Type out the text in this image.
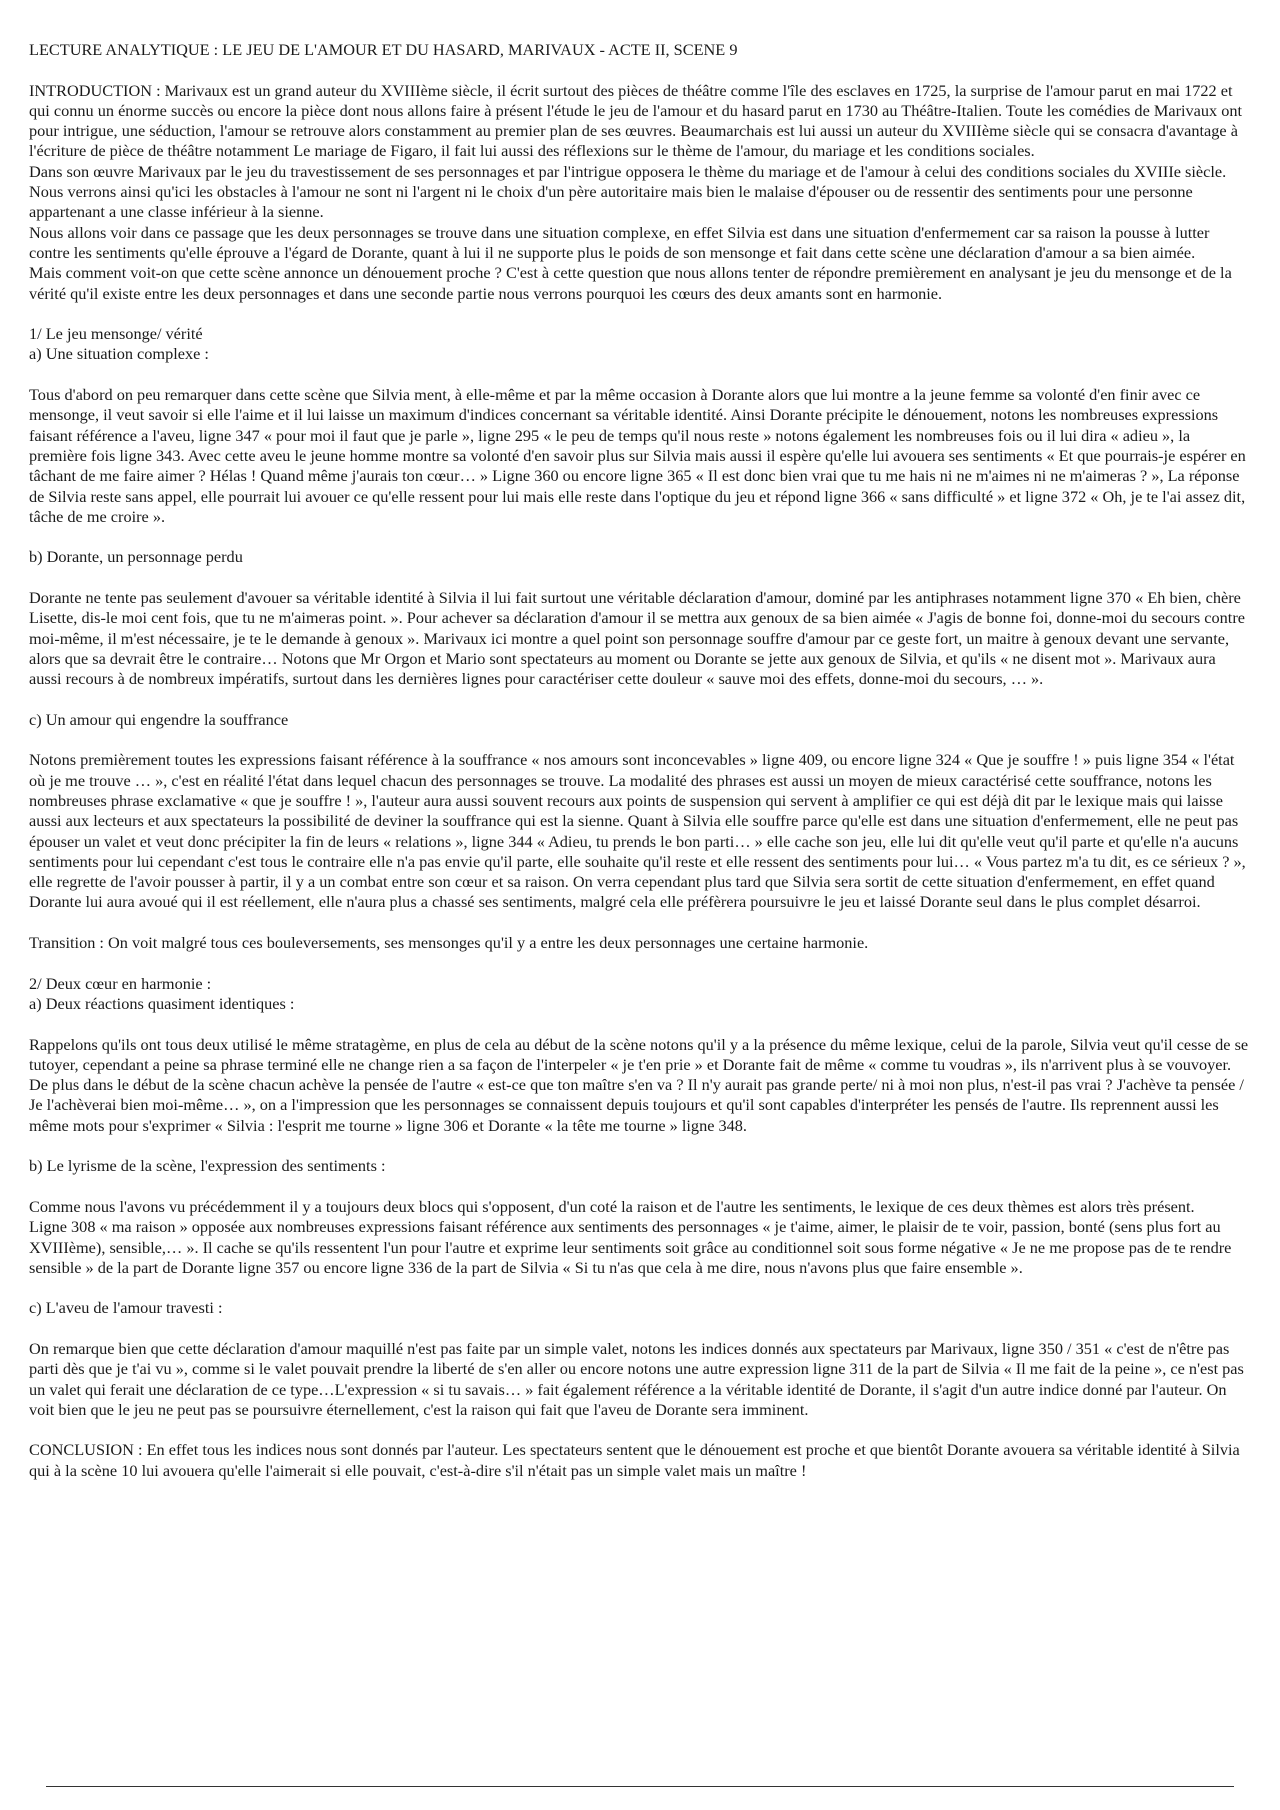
LECTURE ANALYTIQUE : LE JEU DE L'AMOUR ET DU HASARD, MARIVAUX - ACTE II, SCENE 9

INTRODUCTION : Marivaux est un grand auteur du XVIIIème siècle, il écrit surtout des pièces de théâtre comme l'île des esclaves en 1725, la surprise de l'amour parut en mai 1722 et qui connu un énorme succès ou encore la pièce dont nous allons faire à présent l'étude le jeu de l'amour et du hasard parut en 1730 au Théâtre-Italien. Toute les comédies de Marivaux ont pour intrigue, une séduction, l'amour se retrouve alors constamment au premier plan de ses œuvres. Beaumarchais est lui aussi un auteur du XVIIIème siècle qui se consacra d'avantage à l'écriture de pièce de théâtre notamment Le mariage de Figaro, il fait lui aussi des réflexions sur le thème de l'amour, du mariage et les conditions sociales.

Dans son œuvre Marivaux par le jeu du travestissement de ses personnages et par l'intrigue opposera le thème du mariage et de l'amour à celui des conditions sociales du XVIIIe siècle. Nous verrons ainsi qu'ici les obstacles à l'amour ne sont ni l'argent ni le choix d'un père autoritaire mais bien le malaise d'épouser ou de ressentir des sentiments pour une personne appartenant a une classe inférieur à la sienne.

Nous allons voir dans ce passage que les deux personnages se trouve dans une situation complexe, en effet Silvia est dans une situation d'enfermement car sa raison la pousse à lutter contre les sentiments qu'elle éprouve a l'égard de Dorante, quant à lui il ne supporte plus le poids de son mensonge et fait dans cette scène une déclaration d'amour a sa bien aimée.

Mais comment voit-on que cette scène annonce un dénouement proche ? C'est à cette question que nous allons tenter de répondre premièrement en analysant je jeu du mensonge et de la vérité qu'il existe entre les deux personnages et dans une seconde partie nous verrons pourquoi les cœurs des deux amants sont en harmonie.

1/ Le jeu mensonge/ vérité

a) Une situation complexe :

Tous d'abord on peu remarquer dans cette scène que Silvia ment, à elle-même et par la même occasion à Dorante alors que lui montre a la jeune femme sa volonté d'en finir avec ce mensonge, il veut savoir si elle l'aime et il lui laisse un maximum d'indices concernant sa véritable identité. Ainsi Dorante précipite le dénouement, notons les nombreuses expressions faisant référence a l'aveu, ligne 347 « pour moi il faut que je parle », ligne 295 « le peu de temps qu'il nous reste » notons également les nombreuses fois ou il lui dira « adieu », la première fois ligne 343. Avec cette aveu le jeune homme montre sa volonté d'en savoir plus sur Silvia mais aussi il espère qu'elle lui avouera ses sentiments « Et que pourrais-je espérer en tâchant de me faire aimer ? Hélas ! Quand même j'aurais ton cœur… » Ligne 360 ou encore ligne 365 « Il est donc bien vrai que tu me hais ni ne m'aimes ni ne m'aimeras ? », La réponse de Silvia reste sans appel, elle pourrait lui avouer ce qu'elle ressent pour lui mais elle reste dans l'optique du jeu et répond ligne 366 « sans difficulté » et ligne 372 « Oh, je te l'ai assez dit, tâche de me croire ».

b) Dorante, un personnage perdu

Dorante ne tente pas seulement d'avouer sa véritable identité à Silvia il lui fait surtout une véritable déclaration d'amour, dominé par les antiphrases notamment ligne 370 « Eh bien, chère Lisette, dis-le moi cent fois, que tu ne m'aimeras point. ». Pour achever sa déclaration d'amour il se mettra aux genoux de sa bien aimée « J'agis de bonne foi, donne-moi du secours contre moi-même, il m'est nécessaire, je te le demande à genoux ». Marivaux ici montre a quel point son personnage souffre d'amour par ce geste fort, un maitre à genoux devant une servante, alors que sa devrait être le contraire… Notons que Mr Orgon et Mario sont spectateurs au moment ou Dorante se jette aux genoux de Silvia, et qu'ils « ne disent mot ». Marivaux aura aussi recours à de nombreux impératifs, surtout dans les dernières lignes pour caractériser cette douleur « sauve moi des effets, donne-moi du secours, … ».

c) Un amour qui engendre la souffrance

Notons premièrement toutes les expressions faisant référence à la souffrance « nos amours sont inconcevables » ligne 409, ou encore ligne 324 « Que je souffre ! » puis ligne 354 « l'état où je me trouve … », c'est en réalité l'état dans lequel chacun des personnages se trouve. La modalité des phrases est aussi un moyen de mieux caractérisé cette souffrance, notons les nombreuses phrase exclamative « que je souffre ! », l'auteur aura aussi souvent recours aux points de suspension qui servent à amplifier ce qui est déjà dit par le lexique mais qui laisse aussi aux lecteurs et aux spectateurs la possibilité de deviner la souffrance qui est la sienne. Quant à Silvia elle souffre parce qu'elle est dans une situation d'enfermement, elle ne peut pas épouser un valet et veut donc précipiter la fin de leurs « relations », ligne 344 « Adieu, tu prends le bon parti… » elle cache son jeu, elle lui dit qu'elle veut qu'il parte et qu'elle n'a aucuns sentiments pour lui cependant c'est tous le contraire elle n'a pas envie qu'il parte, elle souhaite qu'il reste et elle ressent des sentiments pour lui… « Vous partez m'a tu dit, es ce sérieux ? », elle regrette de l'avoir pousser à partir, il y a un combat entre son cœur et sa raison. On verra cependant plus tard que Silvia sera sortit de cette situation d'enfermement, en effet quand Dorante lui aura avoué qui il est réellement, elle n'aura plus a chassé ses sentiments, malgré cela elle préfèrera poursuivre le jeu et laissé Dorante seul dans le plus complet désarroi.

Transition : On voit malgré tous ces bouleversements, ses mensonges qu'il y a entre les deux personnages une certaine harmonie.

2/ Deux cœur en harmonie :

a) Deux réactions quasiment identiques :

Rappelons qu'ils ont tous deux utilisé le même stratagème, en plus de cela au début de la scène notons qu'il y a la présence du même lexique, celui de la parole, Silvia veut qu'il cesse de se tutoyer, cependant a peine sa phrase terminé elle ne change rien a sa façon de l'interpeler « je t'en prie » et Dorante fait de même « comme tu voudras », ils n'arrivent plus à se vouvoyer. De plus dans le début de la scène chacun achève la pensée de l'autre « est-ce que ton maître s'en va ? Il n'y aurait pas grande perte/ ni à moi non plus, n'est-il pas vrai ? J'achève ta pensée / Je l'achèverai bien moi-même… », on a l'impression que les personnages se connaissent depuis toujours et qu'il sont capables d'interpréter les pensés de l'autre. Ils reprennent aussi les même mots pour s'exprimer « Silvia : l'esprit me tourne » ligne 306 et Dorante « la tête me tourne » ligne 348.

b) Le lyrisme de la scène, l'expression des sentiments :

Comme nous l'avons vu précédemment il y a toujours deux blocs qui s'opposent, d'un coté la raison et de l'autre les sentiments, le lexique de ces deux thèmes est alors très présent.

Ligne 308 « ma raison » opposée aux nombreuses expressions faisant référence aux sentiments des personnages « je t'aime, aimer, le plaisir de te voir, passion, bonté (sens plus fort au XVIIIème), sensible,… ». Il cache se qu'ils ressentent l'un pour l'autre et exprime leur sentiments soit grâce au conditionnel soit sous forme négative « Je ne me propose pas de te rendre sensible » de la part de Dorante ligne 357 ou encore ligne 336 de la part de Silvia « Si tu n'as que cela à me dire, nous n'avons plus que faire ensemble ».

c) L'aveu de l'amour travesti :

On remarque bien que cette déclaration d'amour maquillé n'est pas faite par un simple valet, notons les indices donnés aux spectateurs par Marivaux, ligne 350 / 351 « c'est de n'être pas parti dès que je t'ai vu », comme si le valet pouvait prendre la liberté de s'en aller ou encore notons une autre expression ligne 311 de la part de Silvia « Il me fait de la peine », ce n'est pas un valet qui ferait une déclaration de ce type…L'expression « si tu savais… » fait également référence a la véritable identité de Dorante, il s'agit d'un autre indice donné par l'auteur. On voit bien que le jeu ne peut pas se poursuivre éternellement, c'est la raison qui fait que l'aveu de Dorante sera imminent.

CONCLUSION : En effet tous les indices nous sont donnés par l'auteur. Les spectateurs sentent que le dénouement est proche et que bientôt Dorante avouera sa véritable identité à Silvia qui à la scène 10 lui avouera qu'elle l'aimerait si elle pouvait, c'est-à-dire s'il n'était pas un simple valet mais un maître !
